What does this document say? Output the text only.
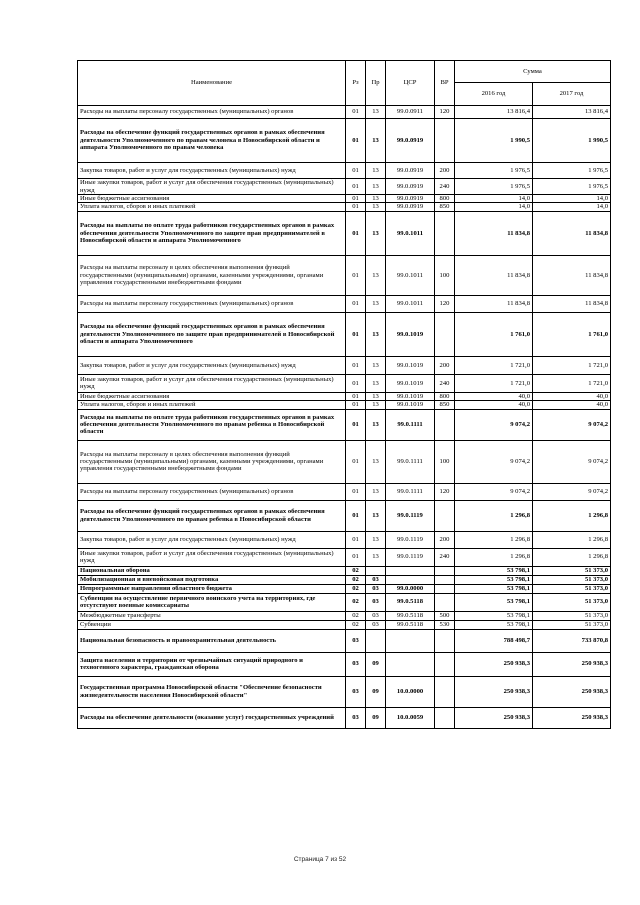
Наименование	Рз	Пр	ЦСР	ВР	Сумма	
					2016 год	2017 год
Расходы на выплаты персоналу государственных (муниципальных) органов	01	13	99.0.0911	120	13 816,4	13 816,4
Расходы на обеспечение функций государственных органов в рамках обеспечения деятельности Уполномоченного по правам человека в Новосибирской области и аппарата Уполномоченного по правам человека	01	13	99.0.0919		1 990,5	1 990,5
Закупка товаров, работ и услуг для государственных (муниципальных) нужд	01	13	99.0.0919	200	1 976,5	1 976,5
Иные закупки товаров, работ и услуг для обеспечения государственных (муниципальных) нужд	01	13	99.0.0919	240	1 976,5	1 976,5
Иные бюджетные ассигнования	01	13	99.0.0919	800	14,0	14,0
Уплата налогов, сборов и иных платежей	01	13	99.0.0919	850	14,0	14,0
Расходы на выплаты по оплате труда работников государственных органов в рамках обеспечения деятельности Уполномоченного по защите прав предпринимателей в Новосибирской области и аппарата Уполномоченного	01	13	99.0.1011		11 834,8	11 834,8
Расходы на выплаты персоналу в целях обеспечения выполнения функций государственными (муниципальными) органами, казенными учреждениями, органами управления государственными внебюджетными фондами	01	13	99.0.1011	100	11 834,8	11 834,8
Расходы на выплаты персоналу государственных (муниципальных) органов	01	13	99.0.1011	120	11 834,8	11 834,8
Расходы на обеспечение функций государственных органов в рамках обеспечения деятельности Уполномоченного по защите прав предпринимателей в Новосибирской области и аппарата Уполномоченного	01	13	99.0.1019		1 761,0	1 761,0
Закупка товаров, работ и услуг для государственных (муниципальных) нужд	01	13	99.0.1019	200	1 721,0	1 721,0
Иные закупки товаров, работ и услуг для обеспечения государственных (муниципальных) нужд	01	13	99.0.1019	240	1 721,0	1 721,0
Иные бюджетные ассигнования	01	13	99.0.1019	800	40,0	40,0
Уплата налогов, сборов и иных платежей	01	13	99.0.1019	850	40,0	40,0
Расходы на выплаты по оплате труда работников государственных органов в рамках обеспечения деятельности Уполномоченного по правам ребенка в Новосибирской области	01	13	99.0.1111		9 074,2	9 074,2
Расходы на выплаты персоналу в целях обеспечения выполнения функций государственными (муниципальными) органами, казенными учреждениями, органами управления государственными внебюджетными фондами	01	13	99.0.1111	100	9 074,2	9 074,2
Расходы на выплаты персоналу государственных (муниципальных) органов	01	13	99.0.1111	120	9 074,2	9 074,2
Расходы на обеспечение функций государственных органов в рамках обеспечения деятельности Уполномоченного по правам ребенка в Новосибирской области	01	13	99.0.1119		1 296,8	1 296,8
Закупка товаров, работ и услуг для государственных (муниципальных) нужд	01	13	99.0.1119	200	1 296,8	1 296,8
Иные закупки товаров, работ и услуг для обеспечения государственных (муниципальных) нужд	01	13	99.0.1119	240	1 296,8	1 296,8
Национальная оборона	02				53 798,1	51 373,0
Мобилизационная и вневойсковая подготовка	02	03			53 798,1	51 373,0
Непрограммные направления областного бюджета	02	03	99.0.0000		53 798,1	51 373,0
Субвенции на осуществление первичного воинского учета на территориях, где отсутствуют военные комиссариаты	02	03	99.0.5118		53 798,1	51 373,0
Межбюджетные трансферты	02	03	99.0.5118	500	53 798,1	51 373,0
Субвенции	02	03	99.0.5118	530	53 798,1	51 373,0
Национальная безопасность и правоохранительная деятельность	03				788 498,7	733 870,8
Защита населения и территории от чрезвычайных ситуаций природного и техногенного характера, гражданская оборона	03	09			250 938,3	250 938,3
Государственная программа Новосибирской области "Обеспечение безопасности жизнедеятельности населения Новосибирской области"	03	09	10.0.0000		250 938,3	250 938,3
Расходы на обеспечение деятельности (оказание услуг) государственных учреждений	03	09	10.0.0059		250 938,3	250 938,3
Страница 7 из 52
